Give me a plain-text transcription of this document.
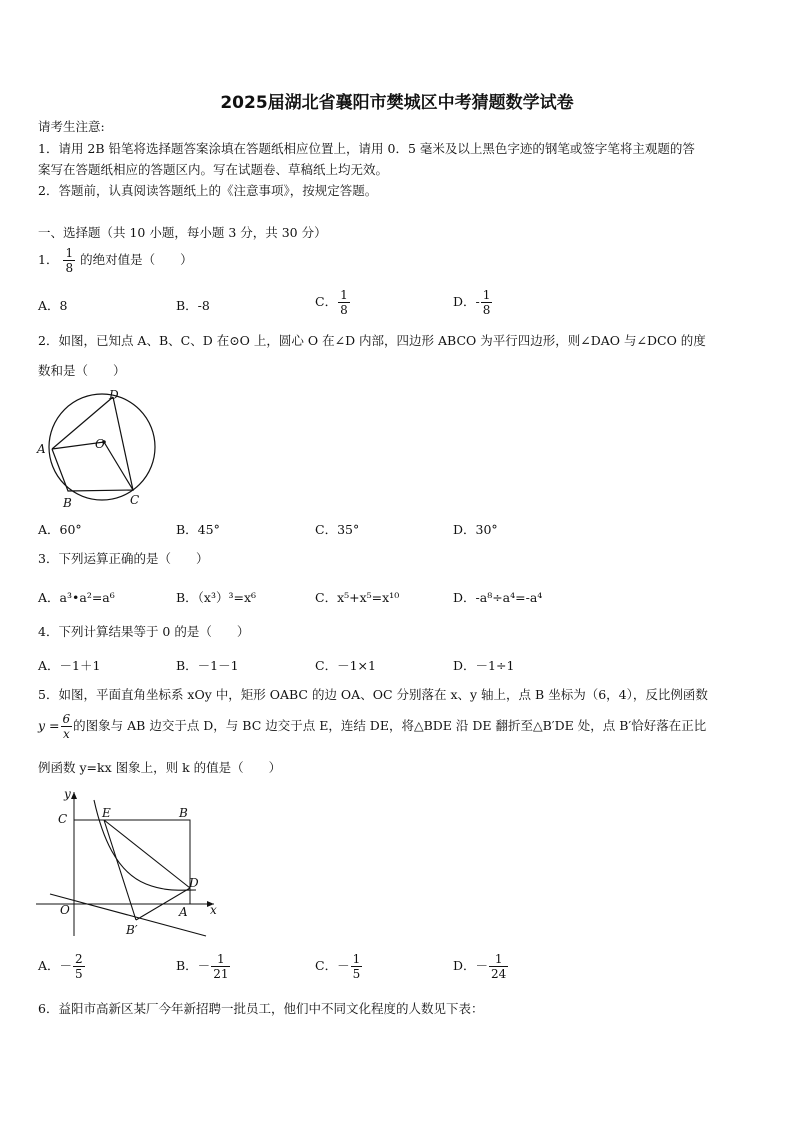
2025届湖北省襄阳市樊城区中考猜题数学试卷
请考生注意:
1．请用 2B 铅笔将选择题答案涂填在答题纸相应位置上，请用 0．5 毫米及以上黑色字迹的钢笔或签字笔将主观题的答
案写在答题纸相应的答题区内。写在试题卷、草稿纸上均无效。
2．答题前，认真阅读答题纸上的《注意事项》，按规定答题。
一、选择题（共 10 小题，每小题 3 分，共 30 分）
1． $\frac{1}{8}$ 的绝对值是（　　）
A．8	B．-8	C． $\frac{1}{8}$	D．- $\frac{1}{8}$
2．如图，已知点 A、B、C、D 在⊙O 上，圆心 O 在∠D 内部，四边形 ABCO 为平行四边形，则∠DAO 与∠DCO 的度
数和是（　　）
D
O
A
B	C
A．60°	B．45°	C．35°	D．30°
3．下列运算正确的是（　　）
A．a³•a²=a⁶	B．（x³）³=x⁶	C．x⁵+x⁵=x¹⁰	D．-a⁸÷a⁴=-a⁴
4．下列计算结果等于 0 的是（　　）
A．－1＋1	B．－1－1	C．－1×1	D．－1÷1
5．如图，平面直角坐标系 xOy 中，矩形 OABC 的边 OA、OC 分别落在 x、y 轴上，点 B 坐标为（6，4），反比例函数
$y = \frac{6}{x}$ 的图象与 AB 边交于点 D，与 BC 边交于点 E，连结 DE，将△BDE 沿 DE 翻折至△B′DE 处，点 B′恰好落在正比
例函数 y=kx 图象上，则 k 的值是（　　）
y
x
C	E	B
D
O	A
B′
A．－ $\frac{2}{5}$	B．－ $\frac{1}{21}$	C．－ $\frac{1}{5}$	D．－ $\frac{1}{24}$
6．益阳市高新区某厂今年新招聘一批员工，他们中不同文化程度的人数见下表：
